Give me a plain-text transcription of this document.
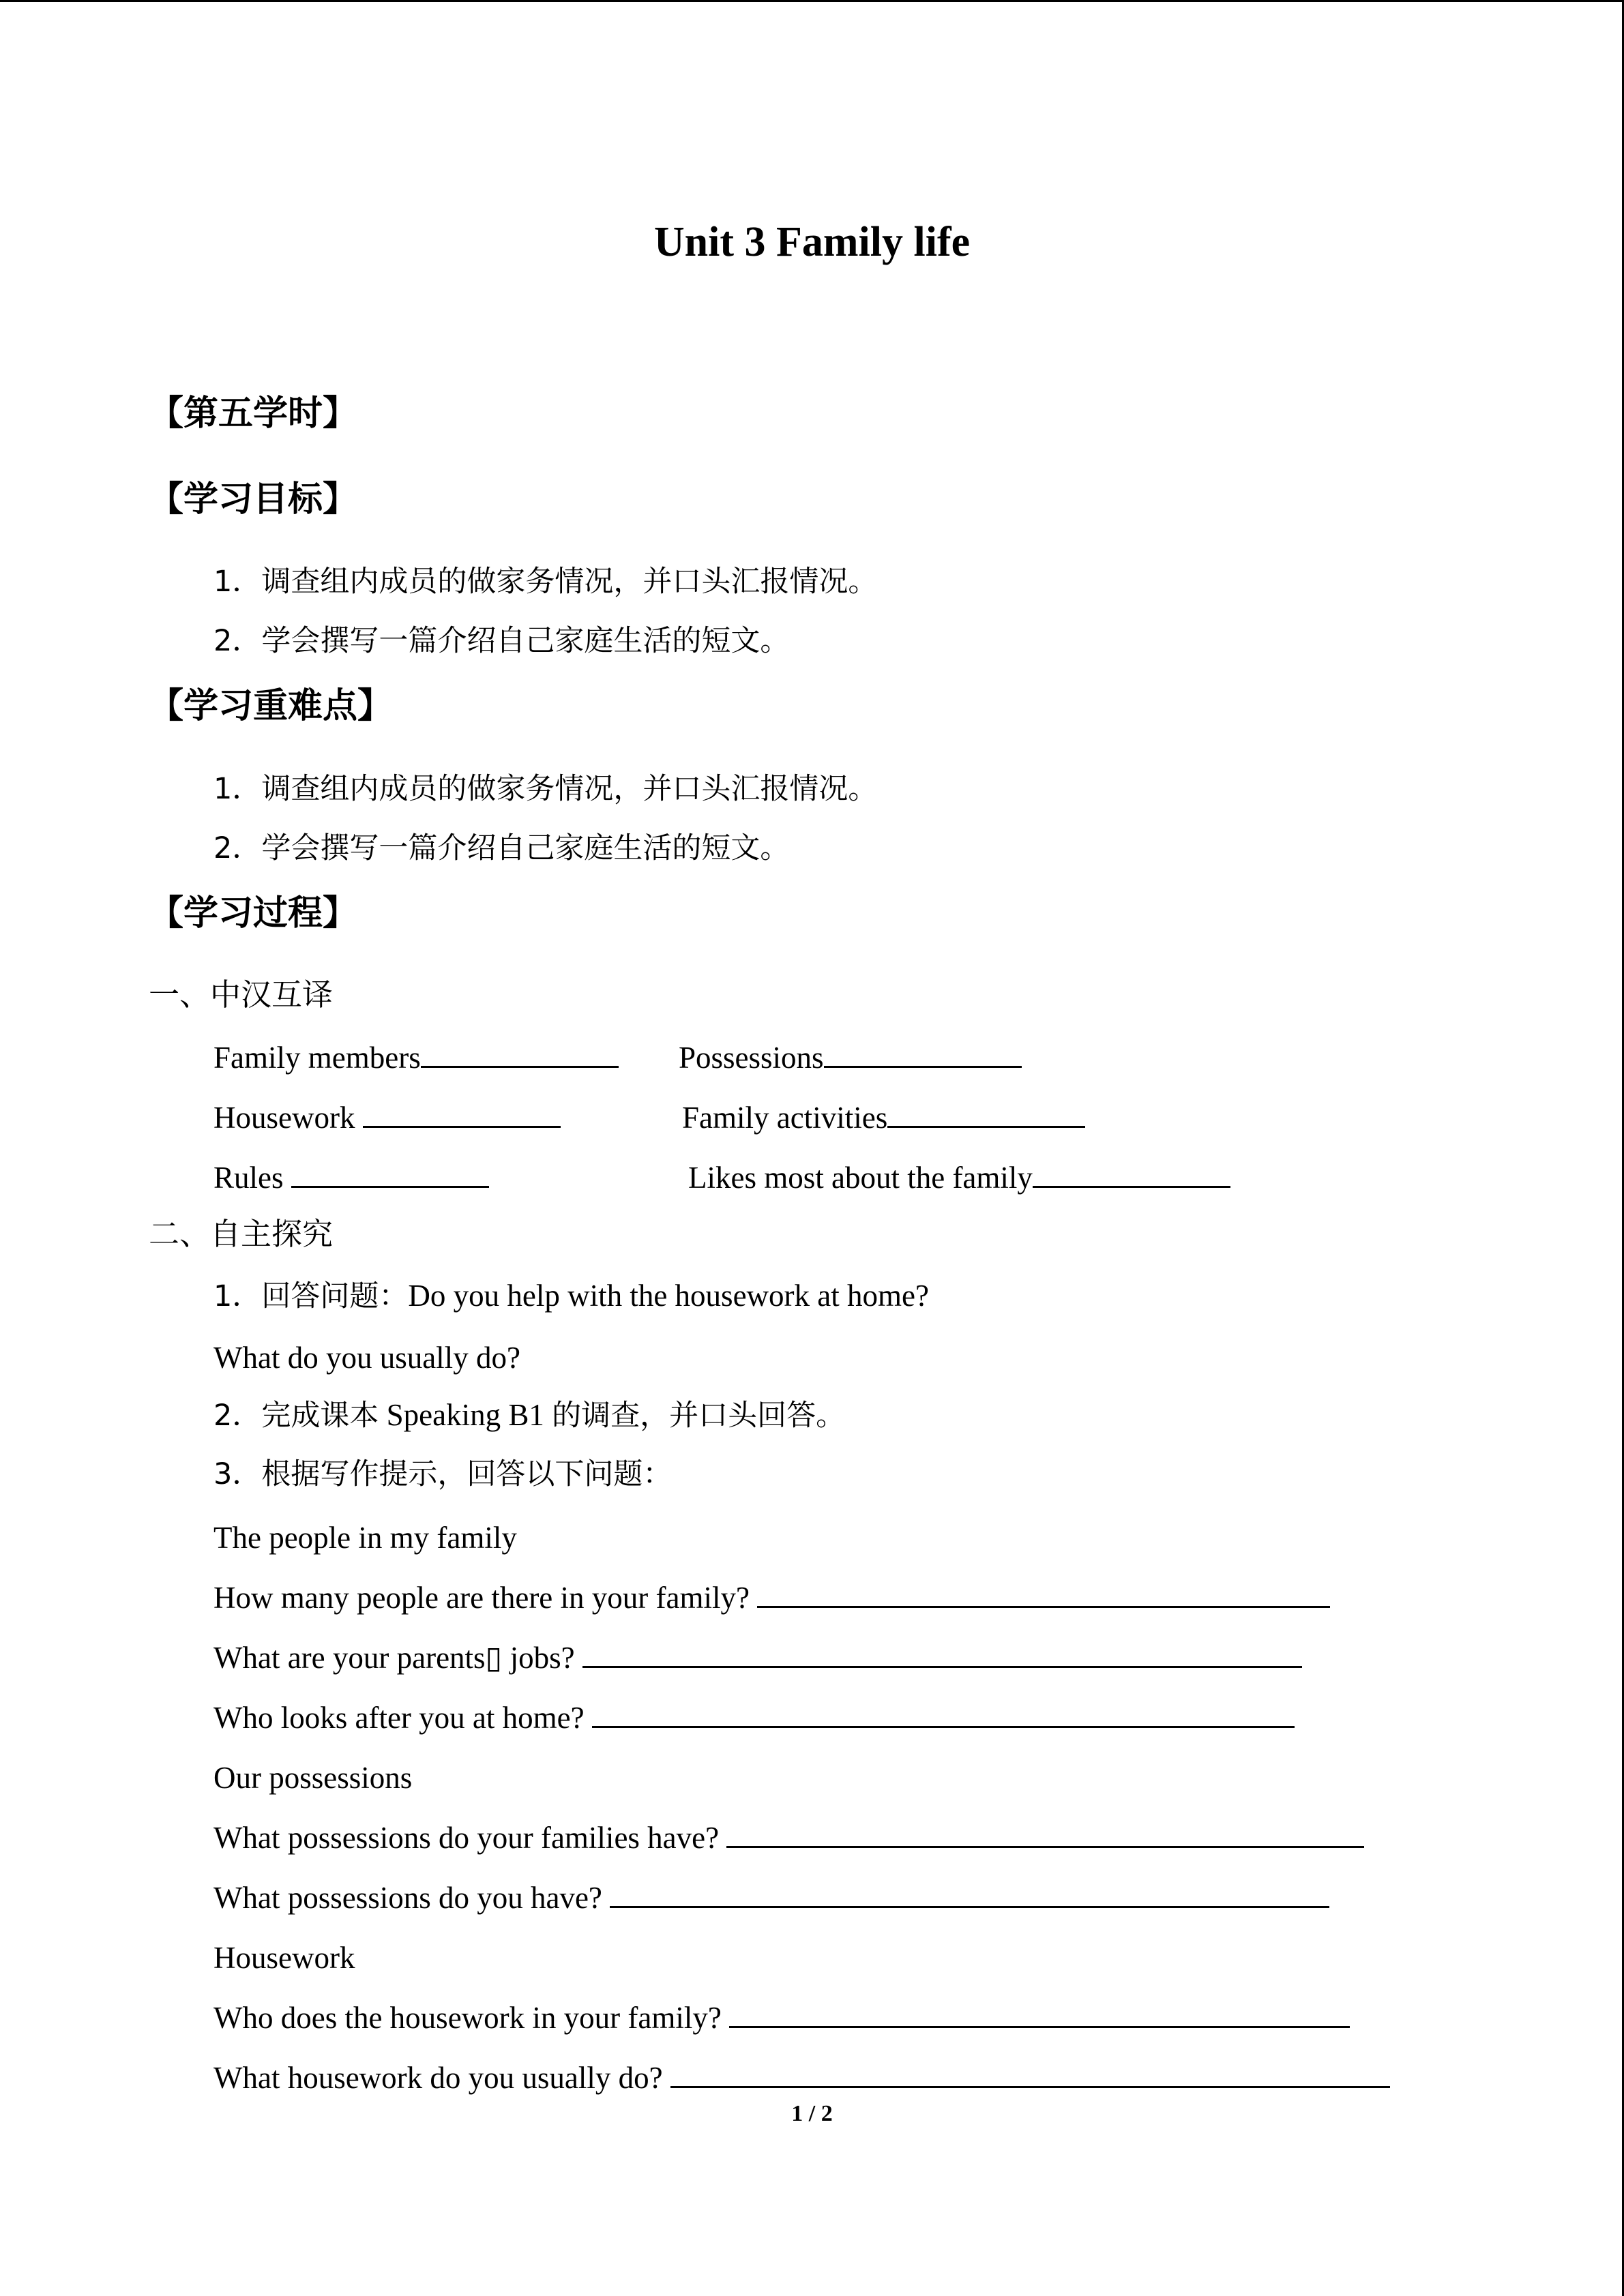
Unit 3 Family life
【第五学时】
【学习目标】
1．调查组内成员的做家务情况，并口头汇报情况。
2．学会撰写一篇介绍自己家庭生活的短文。
【学习重难点】
1．调查组内成员的做家务情况，并口头汇报情况。
2．学会撰写一篇介绍自己家庭生活的短文。
【学习过程】
一、中汉互译
Family members	Possessions
Housework	Family activities
Rules	Likes most about the family
二、自主探究
1．回答问题：Do you help with the housework at home?
What do you usually do?
2．完成课本 Speaking B1 的调查，并口头回答。
3．根据写作提示，回答以下问题：
The people in my family
How many people are there in your family?
What are your parents▯ jobs?
Who looks after you at home?
Our possessions
What possessions do your families have?
What possessions do you have?
Housework
Who does the housework in your family?
What housework do you usually do?
1 / 2
